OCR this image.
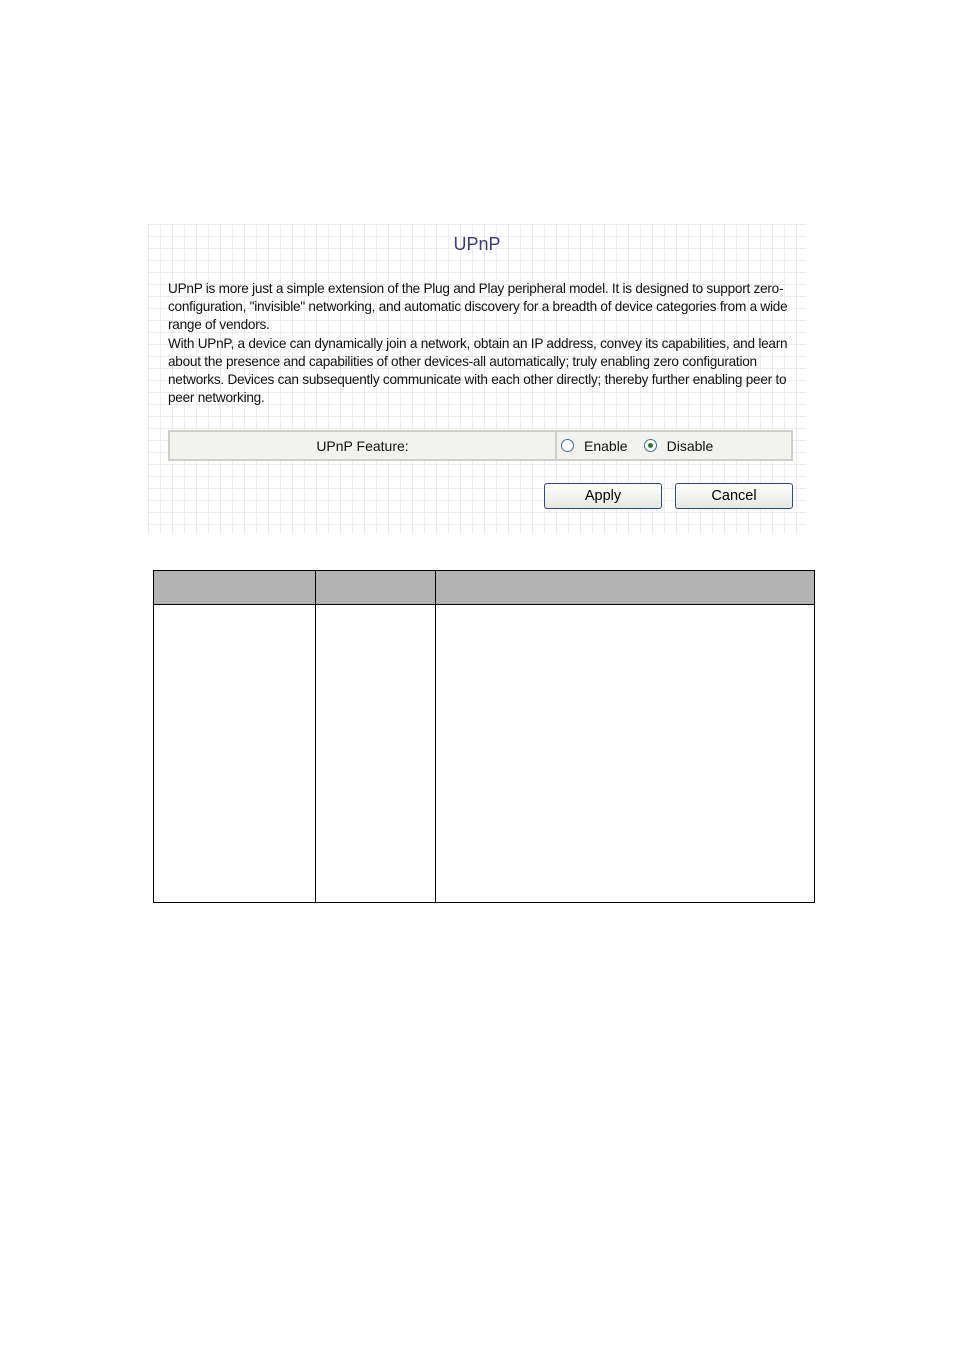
UPnP

UPnP is more just a simple extension of the Plug and Play peripheral model. It is designed to support zero-configuration, "invisible" networking, and automatic discovery for a breadth of device categories from a wide range of vendors.

With UPnP, a device can dynamically join a network, obtain an IP address, convey its capabilities, and learn about the presence and capabilities of other devices-all automatically; truly enabling zero configuration networks. Devices can subsequently communicate with each other directly; thereby further enabling peer to peer networking.

UPnP Feature:	Enable	Disable
Apply	Cancel
